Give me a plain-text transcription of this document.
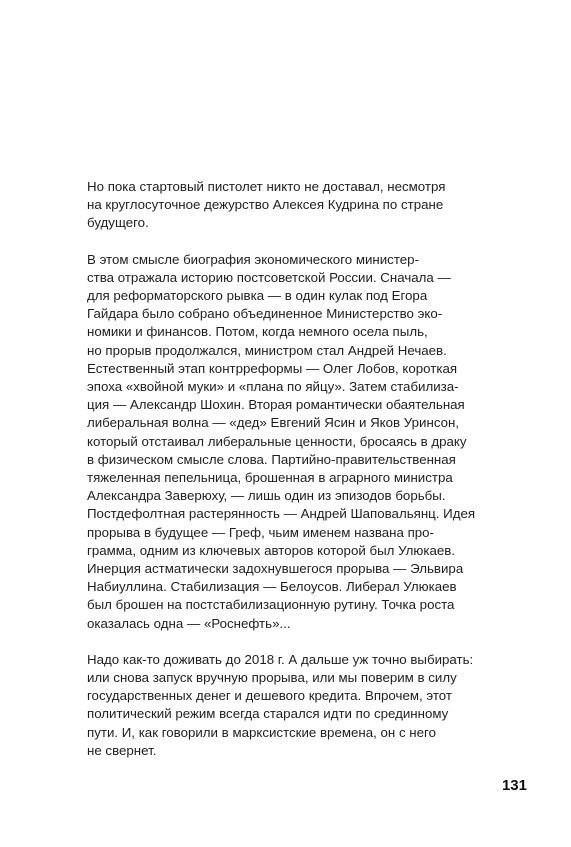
Но пока стартовый пистолет никто не доставал, несмотря
на круглосуточное дежурство Алексея Кудрина по стране
будущего.

В этом смысле биография экономического министер-
ства отражала историю постсоветской России. Сначала —
для реформаторского рывка — в один кулак под Егора
Гайдара было собрано объединенное Министерство эко-
номики и финансов. Потом, когда немного осела пыль,
но прорыв продолжался, министром стал Андрей Нечаев.
Естественный этап контрреформы — Олег Лобов, короткая
эпоха «хвойной муки» и «плана по яйцу». Затем стабилиза-
ция — Александр Шохин. Вторая романтически обаятельная
либеральная волна — «дед» Евгений Ясин и Яков Уринсон,
который отстаивал либеральные ценности, бросаясь в драку
в физическом смысле слова. Партийно-правительственная
тяжеленная пепельница, брошенная в аграрного министра
Александра Заверюху, — лишь один из эпизодов борьбы.
Постдефолтная растерянность — Андрей Шаповальянц. Идея
прорыва в будущее — Греф, чьим именем названа про-
грамма, одним из ключевых авторов которой был Улюкаев.
Инерция астматически задохнувшегося прорыва — Эльвира
Набиуллина. Стабилизация — Белоусов. Либерал Улюкаев
был брошен на постстабилизационную рутину. Точка роста
оказалась одна — «Роснефть»...

Надо как-то доживать до 2018 г. А дальше уж точно выбирать:
или снова запуск вручную прорыва, или мы поверим в силу
государственных денег и дешевого кредита. Впрочем, этот
политический режим всегда старался идти по срединному
пути. И, как говорили в марксистские времена, он с него
не свернет.

131
